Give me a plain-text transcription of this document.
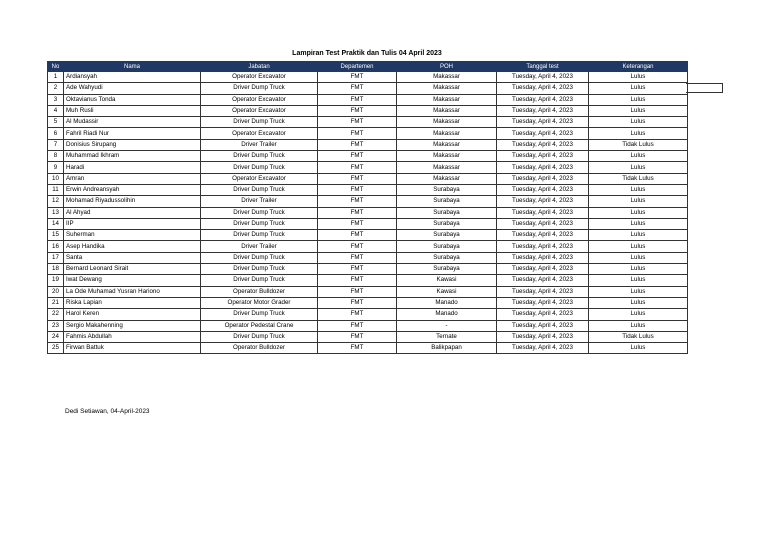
Lampiran Test Praktik dan Tulis 04 April 2023
No	Nama	Jabatan	Departemen	POH	Tanggal test	Keterangan
1	Ardiansyah	Operator Excavator	FMT	Makassar	Tuesday, April 4, 2023	Lulus
2	Ade Wahyudi	Driver Dump Truck	FMT	Makassar	Tuesday, April 4, 2023	Lulus
3	Oktavianus Tonda	Operator Excavator	FMT	Makassar	Tuesday, April 4, 2023	Lulus
4	Muh Rusli	Operator Excavator	FMT	Makassar	Tuesday, April 4, 2023	Lulus
5	Al Mudassir	Driver Dump Truck	FMT	Makassar	Tuesday, April 4, 2023	Lulus
6	Fahril Riadi Nur	Operator Excavator	FMT	Makassar	Tuesday, April 4, 2023	Lulus
7	Donisius Sirupang	Driver Trailer	FMT	Makassar	Tuesday, April 4, 2023	Tidak Lulus
8	Muhammad Ikhram	Driver Dump Truck	FMT	Makassar	Tuesday, April 4, 2023	Lulus
9	Haradi	Driver Dump Truck	FMT	Makassar	Tuesday, April 4, 2023	Lulus
10	Amran	Operator Excavator	FMT	Makassar	Tuesday, April 4, 2023	Tidak Lulus
11	Erwin Andreansyah	Driver Dump Truck	FMT	Surabaya	Tuesday, April 4, 2023	Lulus
12	Mohamad Riyadussolihin	Driver Trailer	FMT	Surabaya	Tuesday, April 4, 2023	Lulus
13	Al Ahyad	Driver Dump Truck	FMT	Surabaya	Tuesday, April 4, 2023	Lulus
14	IIP	Driver Dump Truck	FMT	Surabaya	Tuesday, April 4, 2023	Lulus
15	Suherman	Driver Dump Truck	FMT	Surabaya	Tuesday, April 4, 2023	Lulus
16	Asep Handika	Driver Trailer	FMT	Surabaya	Tuesday, April 4, 2023	Lulus
17	Santa	Driver Dump Truck	FMT	Surabaya	Tuesday, April 4, 2023	Lulus
18	Bernard Leonard Sirait	Driver Dump Truck	FMT	Surabaya	Tuesday, April 4, 2023	Lulus
19	Iwat Dewang	Driver Dump Truck	FMT	Kawasi	Tuesday, April 4, 2023	Lulus
20	La Ode Muhamad Yusran Hariono	Operator Bulldozer	FMT	Kawasi	Tuesday, April 4, 2023	Lulus
21	Riska Lapian	Operator Motor Grader	FMT	Manado	Tuesday, April 4, 2023	Lulus
22	Harol Keren	Driver Dump Truck	FMT	Manado	Tuesday, April 4, 2023	Lulus
23	Sergio Makahenning	Operator Pedestal Crane	FMT	-	Tuesday, April 4, 2023	Lulus
24	Fahmis Abdullah	Driver Dump Truck	FMT	Ternate	Tuesday, April 4, 2023	Tidak Lulus
25	Firwan Battuk	Operator Bulldozer	FMT	Balikpapan	Tuesday, April 4, 2023	Lulus
Dedi Setiawan, 04-April-2023
